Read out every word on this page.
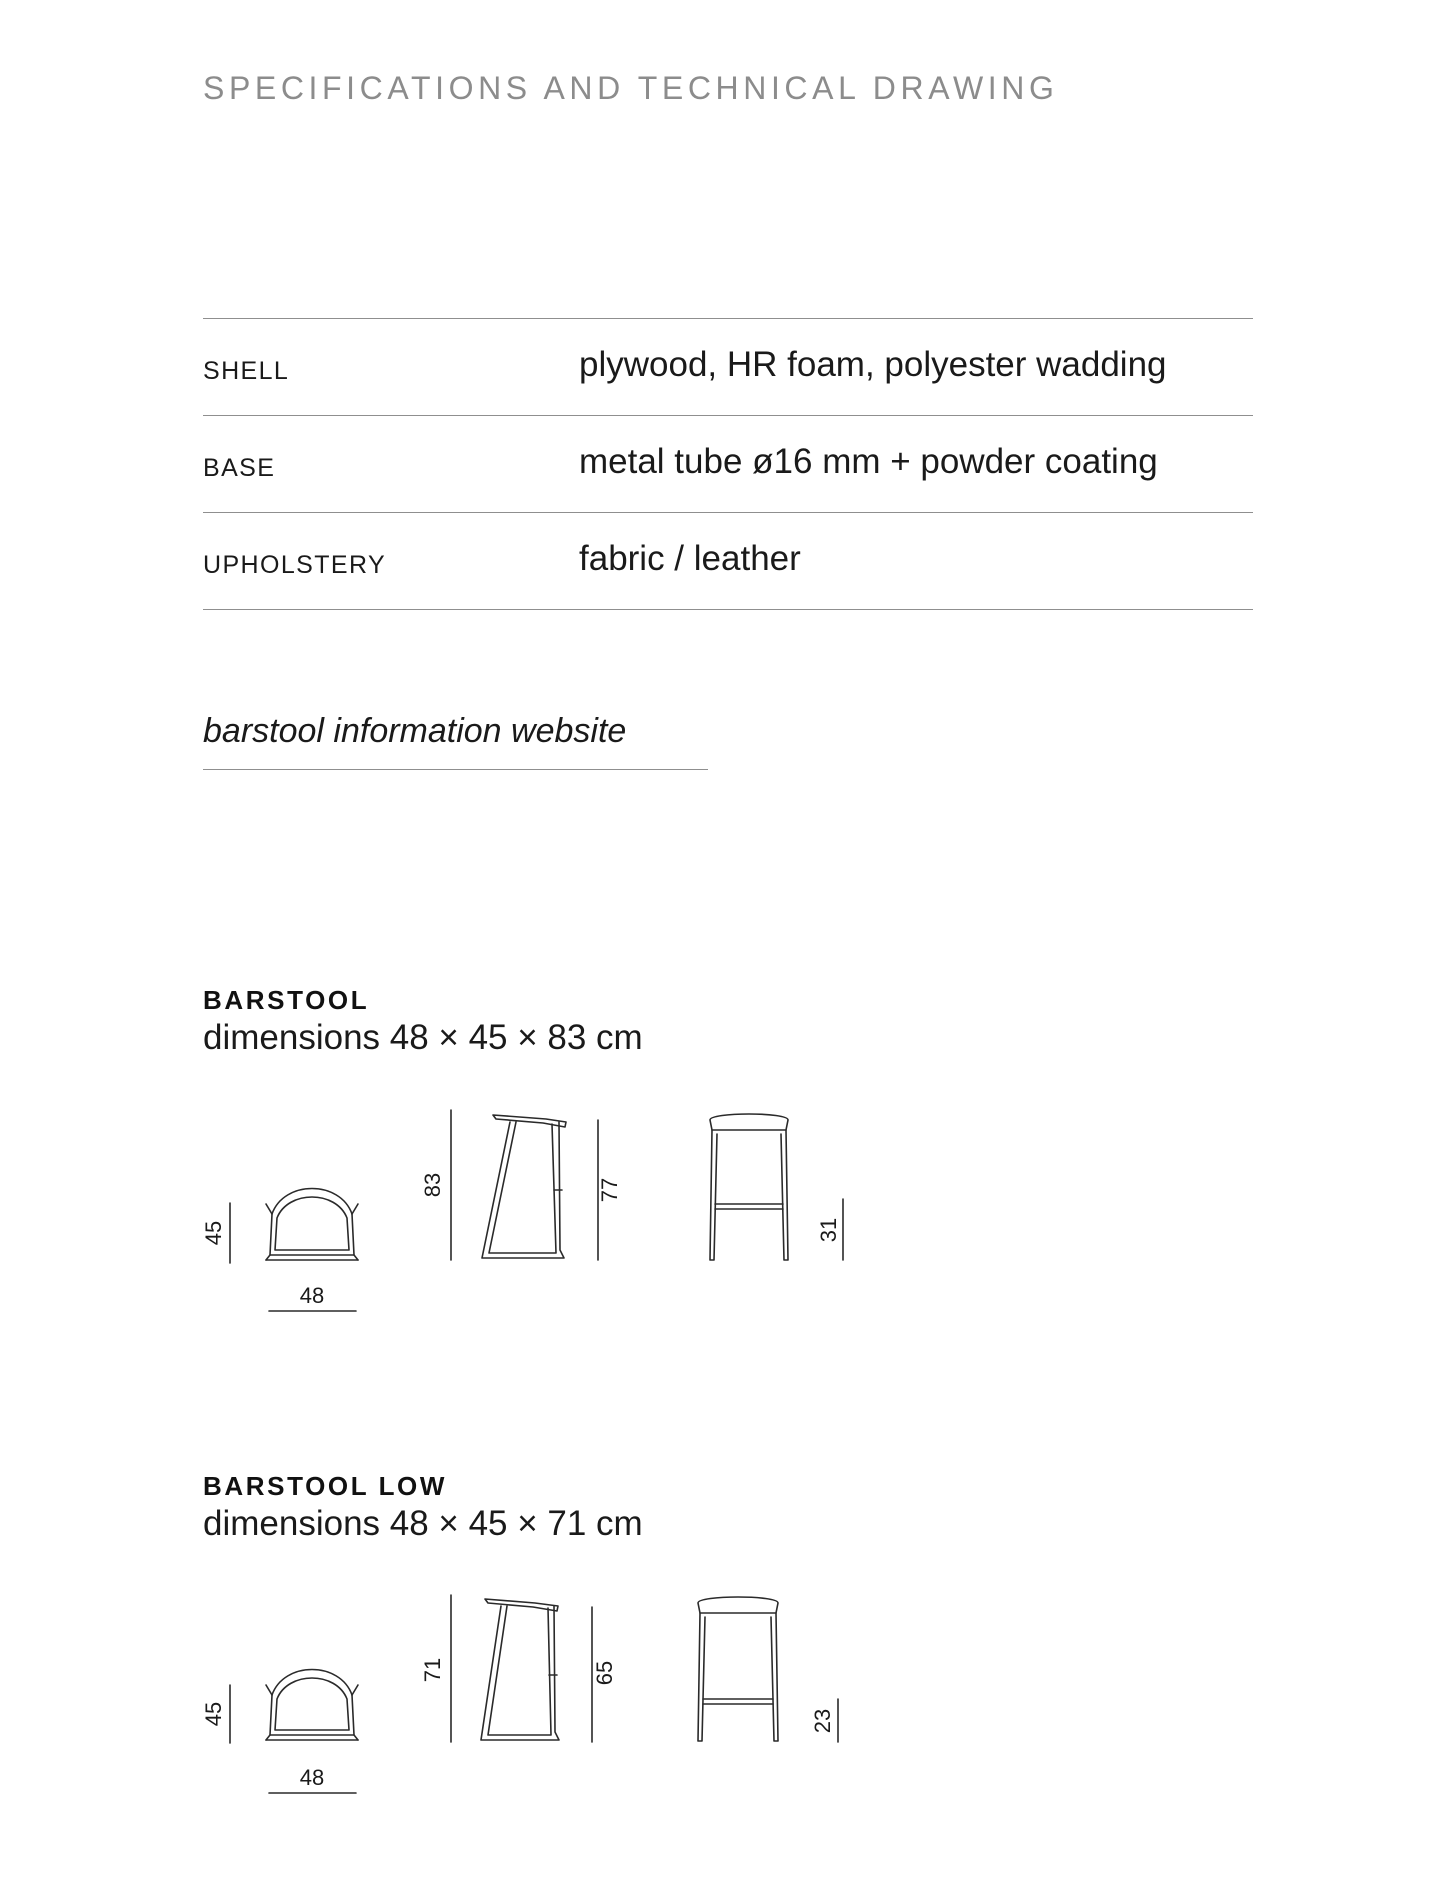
SPECIFICATIONS AND TECHNICAL DRAWING
SHELL	plywood, HR foam, polyester wadding
BASE	metal tube ø16 mm + powder coating
UPHOLSTERY	fabric / leather
barstool information website
BARSTOOL
dimensions 48 × 45 × 83 cm
45
48
83	77
31
BARSTOOL LOW
dimensions 48 × 45 × 71 cm
45
48
71	65
23
